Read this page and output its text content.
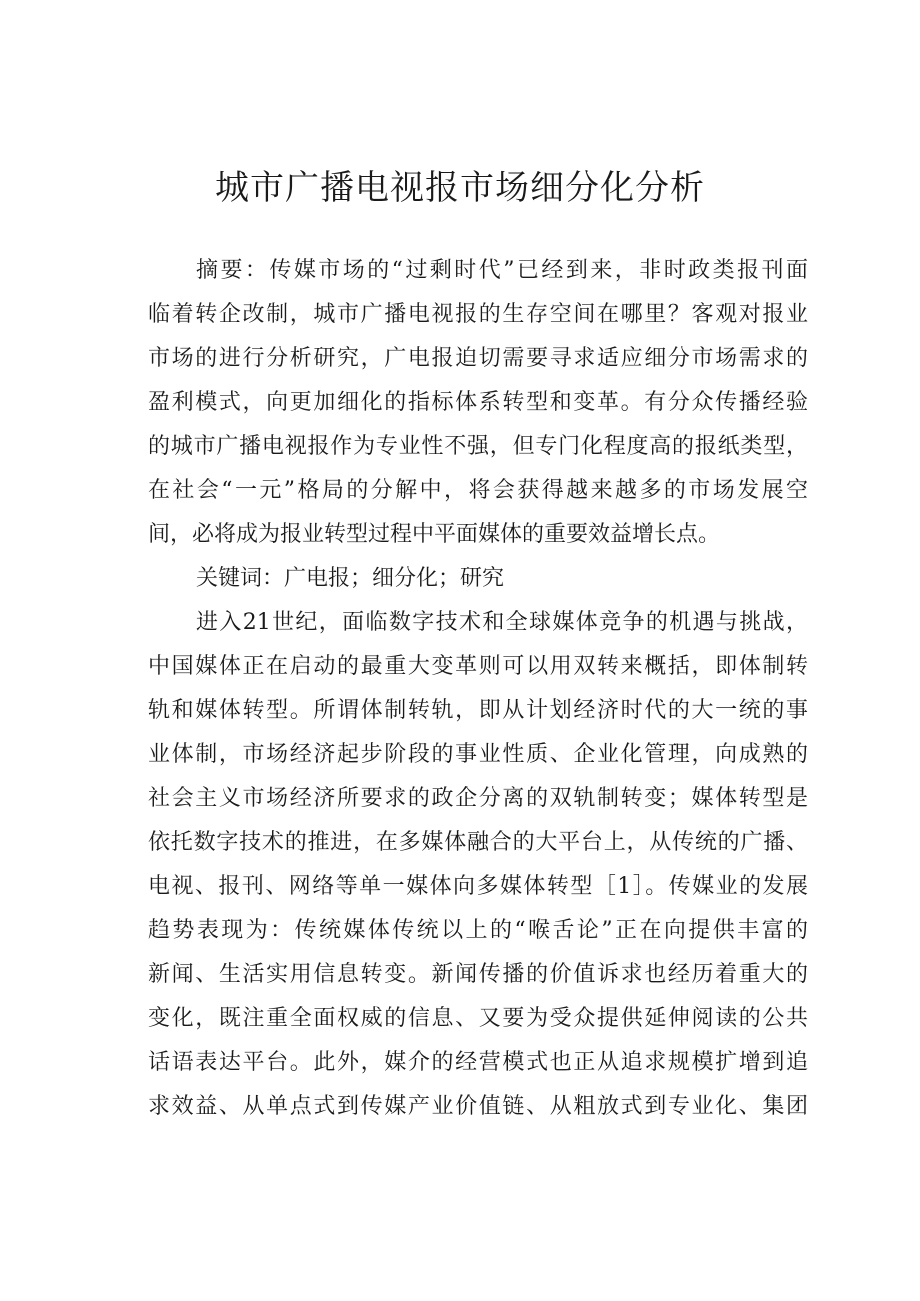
城市广播电视报市场细分化分析
摘要：传媒市场的“过剩时代”已经到来，非时政类报刊面
临着转企改制，城市广播电视报的生存空间在哪里？客观对报业
市场的进行分析研究，广电报迫切需要寻求适应细分市场需求的
盈利模式，向更加细化的指标体系转型和变革。有分众传播经验
的城市广播电视报作为专业性不强，但专门化程度高的报纸类型，
在社会“一元”格局的分解中，将会获得越来越多的市场发展空
间，必将成为报业转型过程中平面媒体的重要效益增长点。
关键词：广电报；细分化；研究
进入21世纪，面临数字技术和全球媒体竞争的机遇与挑战，
中国媒体正在启动的最重大变革则可以用双转来概括，即体制转
轨和媒体转型。所谓体制转轨，即从计划经济时代的大一统的事
业体制，市场经济起步阶段的事业性质、企业化管理，向成熟的
社会主义市场经济所要求的政企分离的双轨制转变；媒体转型是
依托数字技术的推进，在多媒体融合的大平台上，从传统的广播、
电视、报刊、网络等单一媒体向多媒体转型［1］。传媒业的发展
趋势表现为：传统媒体传统以上的“喉舌论”正在向提供丰富的
新闻、生活实用信息转变。新闻传播的价值诉求也经历着重大的
变化，既注重全面权威的信息、又要为受众提供延伸阅读的公共
话语表达平台。此外，媒介的经营模式也正从追求规模扩增到追
求效益、从单点式到传媒产业价值链、从粗放式到专业化、集团
